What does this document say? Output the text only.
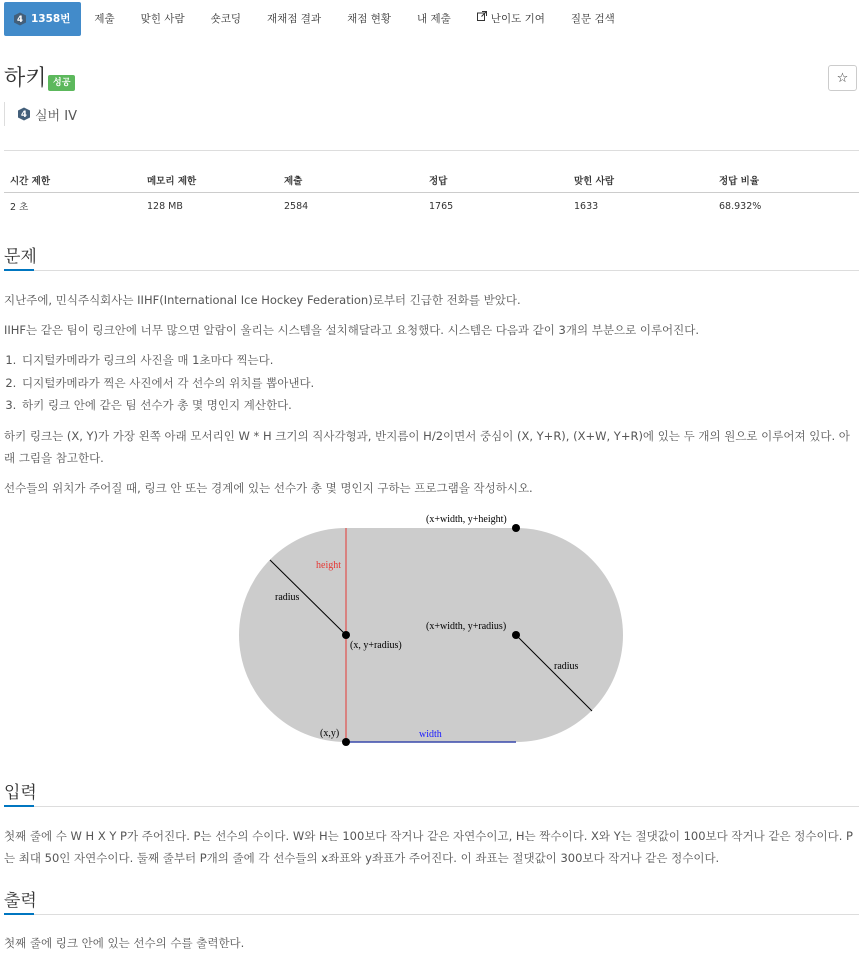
4 1358번 제출 맞힌 사람 숏코딩 재채점 결과 채점 현황 내 제출	난이도 기여 질문 검색
하키 성공	☆
4 실버 IV
시간 제한	메모리 제한	제출	정답	맞힌 사람	정답 비율
2 초	128 MB	2584	1765	1633	68.932%
문제
지난주에, 민식주식회사는 IIHF(International Ice Hockey Federation)로부터 긴급한 전화를 받았다.
IIHF는 같은 팀이 링크안에 너무 많으면 알람이 울리는 시스템을 설치해달라고 요청했다. 시스템은 다음과 같이 3개의 부분으로 이루어진다.
1. 디지털카메라가 링크의 사진을 매 1초마다 찍는다.
2. 디지털카메라가 찍은 사진에서 각 선수의 위치를 뽑아낸다.
3. 하키 링크 안에 같은 팀 선수가 총 몇 명인지 계산한다.
하키 링크는 (X, Y)가 가장 왼쪽 아래 모서리인 W * H 크기의 직사각형과, 반지름이 H/2이면서 중심이 (X, Y+R), (X+W, Y+R)에 있는 두 개의 원으로 이루어져 있다. 아래 그림을 참고한다.
선수들의 위치가 주어질 때, 링크 안 또는 경계에 있는 선수가 총 몇 명인지 구하는 프로그램을 작성하시오.
(x+width, y+height)
height
radius
(x, y+radius)
(x+width, y+radius)
radius
(x,y)	width
입력
첫째 줄에 수 W H X Y P가 주어진다. P는 선수의 수이다. W와 H는 100보다 작거나 같은 자연수이고, H는 짝수이다. X와 Y는 절댓값이 100보다 작거나 같은 정수이다. P는 최대 50인 자연수이다. 둘째 줄부터 P개의 줄에 각 선수들의 x좌표와 y좌표가 주어진다. 이 좌표는 절댓값이 300보다 작거나 같은 정수이다.
출력
첫째 줄에 링크 안에 있는 선수의 수를 출력한다.
